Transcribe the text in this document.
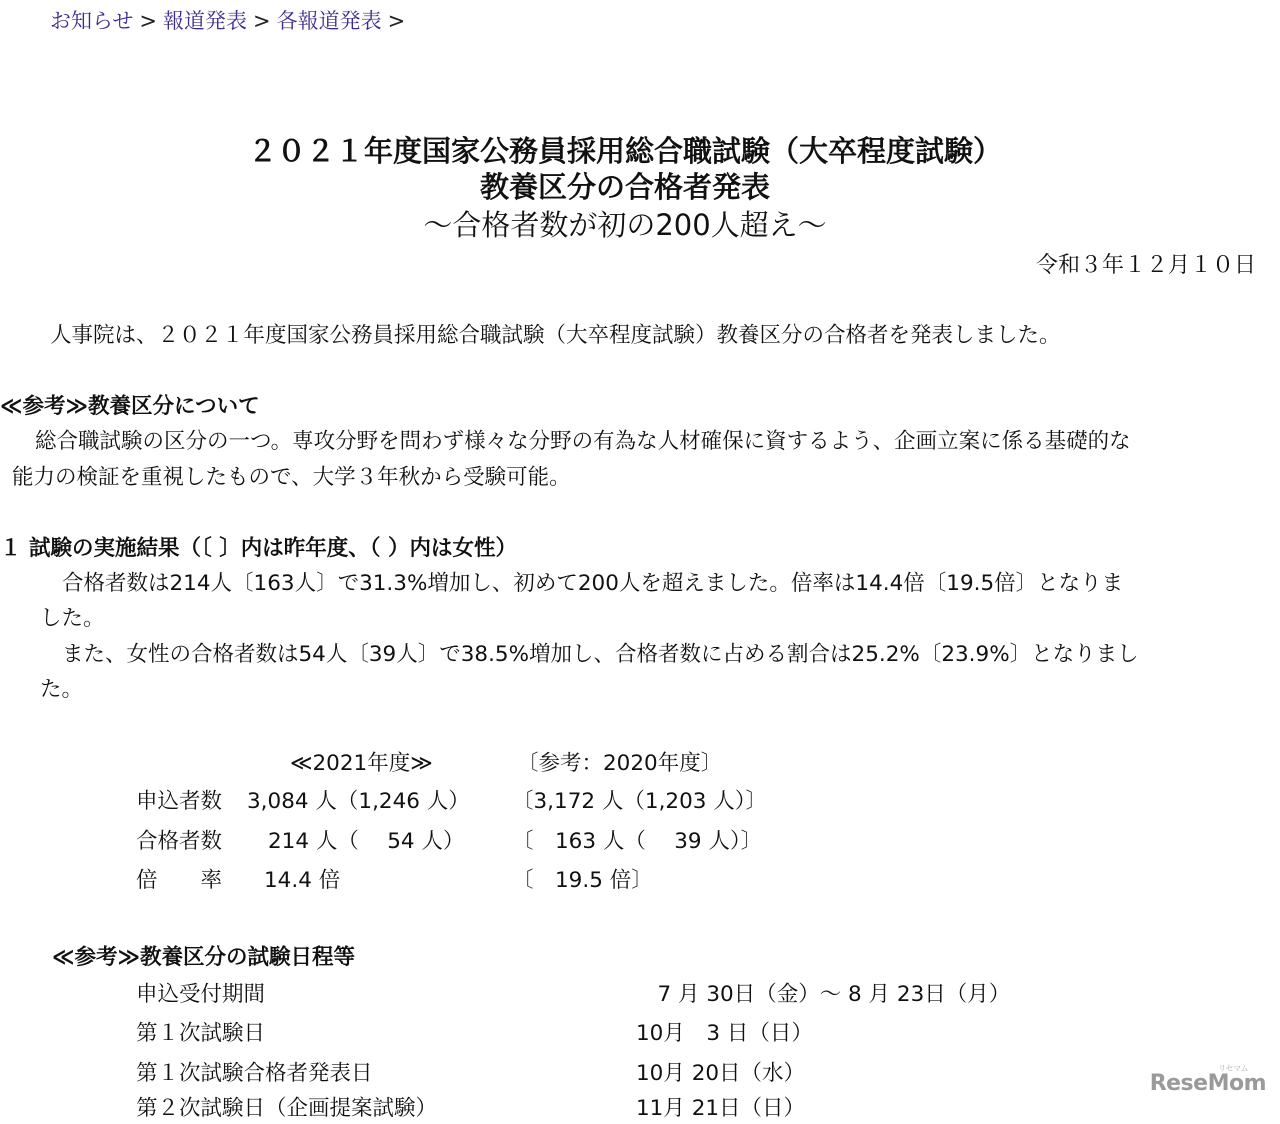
お知らせ > 報道発表 > 各報道発表 >
２０２１年度国家公務員採用総合職試験（大卒程度試験）
教養区分の合格者発表
～合格者数が初の200人超え～
令和３年１２月１０日
人事院は、２０２１年度国家公務員採用総合職試験（大卒程度試験）教養区分の合格者を発表しました。
≪参考≫教養区分について
総合職試験の区分の一つ。専攻分野を問わず様々な分野の有為な人材確保に資するよう、企画立案に係る基礎的な
能力の検証を重視したもので、大学３年秋から受験可能。
１ 試験の実施結果（〔 〕内は昨年度、（ ）内は女性）
合格者数は214人〔163人〕で31.3%増加し、初めて200人を超えました。倍率は14.4倍〔19.5倍〕となりま
した。
また、女性の合格者数は54人〔39人〕で38.5%増加し、合格者数に占める割合は25.2%〔23.9%〕となりまし
た。
≪2021年度≫	〔参考：2020年度〕
申込者数 3,084 人（1,246 人） 〔3,172 人（1,203 人）〕
合格者数 214 人（　 54 人） 〔　163 人（　 39 人）〕
倍　　率 14.4 倍	〔　19.5 倍〕
≪参考≫教養区分の試験日程等
申込受付期間	　7 月 30日（金）～ 8 月 23日（月）
第１次試験日	10月　3 日（日）
第１次試験合格者発表日	10月 20日（水）
第２次試験日（企画提案試験）	11月 21日（日）
リセマム
ReseMom
